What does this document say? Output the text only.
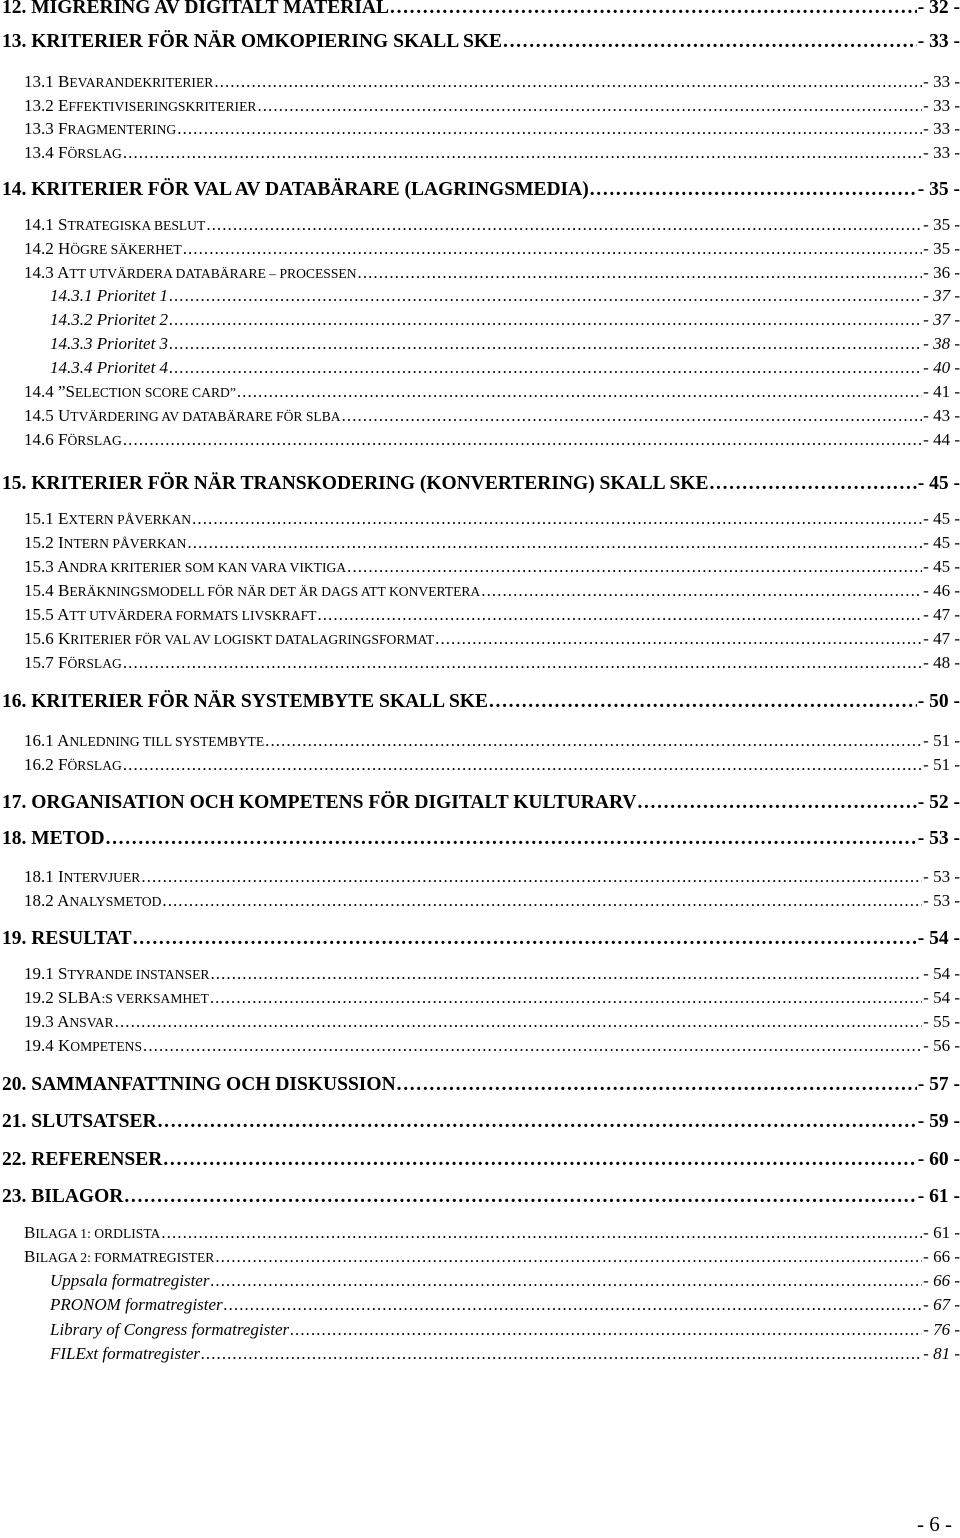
12. MIGRERING AV DIGITALT MATERIAL . . .	- 32 -
13. KRITERIER FÖR NÄR OMKOPIERING SKALL SKE . . .	- 33 -
13.1 BEVARANDEKRITERIER . . .	- 33 -
13.2 EFFEKTIVISERINGSKRITERIER . . .	- 33 -
13.3 FRAGMENTERING . . .	- 33 -
13.4 FÖRSLAG . . .	- 33 -
14. KRITERIER FÖR VAL AV DATABÄRARE (LAGRINGSMEDIA) . . .	- 35 -
14.1 STRATEGISKA BESLUT . . .	- 35 -
14.2 HÖGRE SÄKERHET . . .	- 35 -
14.3 ATT UTVÄRDERA DATABÄRARE – PROCESSEN . . .	- 36 -
14.3.1 Prioritet 1 . . .	- 37 -
14.3.2 Prioritet 2 . . .	- 37 -
14.3.3 Prioritet 3 . . .	- 38 -
14.3.4 Prioritet 4 . . .	- 40 -
14.4 ”SELECTION SCORE CARD” . . .	- 41 -
14.5 UTVÄRDERING AV DATABÄRARE FÖR SLBA . . .	- 43 -
14.6 FÖRSLAG . . .	- 44 -
15. KRITERIER FÖR NÄR TRANSKODERING (KONVERTERING) SKALL SKE . . .	- 45 -
15.1 EXTERN PÅVERKAN . . .	- 45 -
15.2 INTERN PÅVERKAN . . .	- 45 -
15.3 ANDRA KRITERIER SOM KAN VARA VIKTIGA . . .	- 45 -
15.4 BERÄKNINGSMODELL FÖR NÄR DET ÄR DAGS ATT KONVERTERA . . .	- 46 -
15.5 ATT UTVÄRDERA FORMATS LIVSKRAFT . . .	- 47 -
15.6 KRITERIER FÖR VAL AV LOGISKT DATALAGRINGSFORMAT . . .	- 47 -
15.7 FÖRSLAG . . .	- 48 -
16. KRITERIER FÖR NÄR SYSTEMBYTE SKALL SKE . . .	- 50 -
16.1 ANLEDNING TILL SYSTEMBYTE . . .	- 51 -
16.2 FÖRSLAG . . .	- 51 -
17. ORGANISATION OCH KOMPETENS FÖR DIGITALT KULTURARV . . .	- 52 -
18. METOD . . .	- 53 -
18.1 INTERVJUER . . .	- 53 -
18.2 ANALYSMETOD . . .	- 53 -
19. RESULTAT . . .	- 54 -
19.1 STYRANDE INSTANSER . . .	- 54 -
19.2 SLBA:S VERKSAMHET . . .	- 54 -
19.3 ANSVAR . . .	- 55 -
19.4 KOMPETENS . . .	- 56 -
20. SAMMANFATTNING OCH DISKUSSION . . .	- 57 -
21. SLUTSATSER . . .	- 59 -
22. REFERENSER . . .	- 60 -
23. BILAGOR . . .	- 61 -
BILAGA 1: ORDLISTA . . .	- 61 -
BILAGA 2: FORMATREGISTER . . .	- 66 -
Uppsala formatregister . . .	- 66 -
PRONOM formatregister . . .	- 67 -
Library of Congress formatregister . . .	- 76 -
FILExt formatregister . . .	- 81 -
- 6 -
